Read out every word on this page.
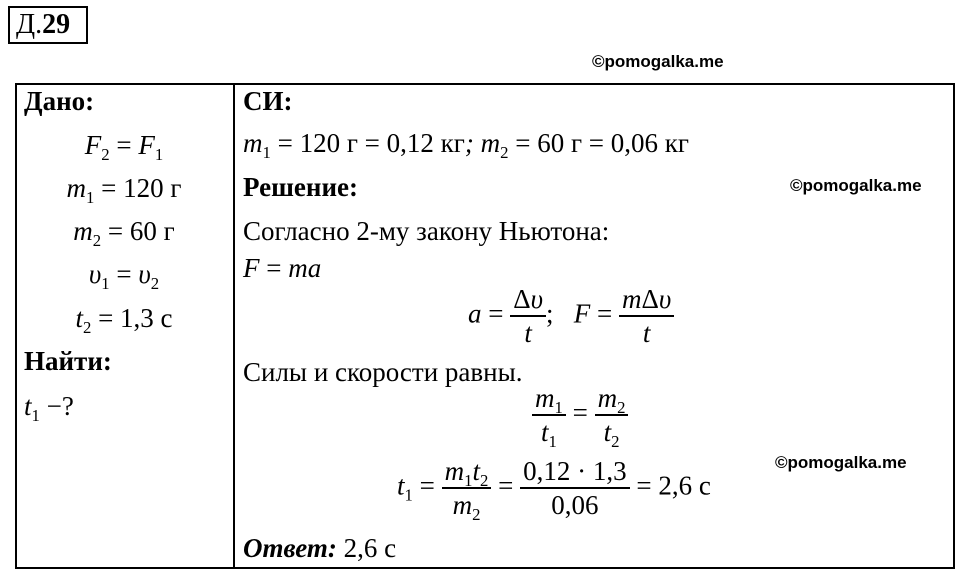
Д.29
©pomogalka.me
©pomogalka.me
©pomogalka.me
Дано:
$F_2 = F_1$
$m_1 = 120$ г
$m_2 = 60$ г
$\upsilon_1 = \upsilon_2$
$t_2 = 1,3$ с
Найти:
$t_1$ −?
СИ:
$m_1 = 120$ г = 0,12 кг; $m_2 = 60$ г = 0,06 кг
Решение:
Согласно 2-му закону Ньютона:
F = ma
$a = \frac{\Delta\upsilon}{t}$ ;   $F = \frac{\text{mΔυ}}{t}$
Силы и скорости равны.
$\frac{m_1}{t_1} = \frac{m_2}{t_2}$
$t_1 = \frac{m_1t_2}{m_2} = \frac{0,12 \cdot 1,3}{0,06} = 2,6$ с
Ответ: 2,6 с
